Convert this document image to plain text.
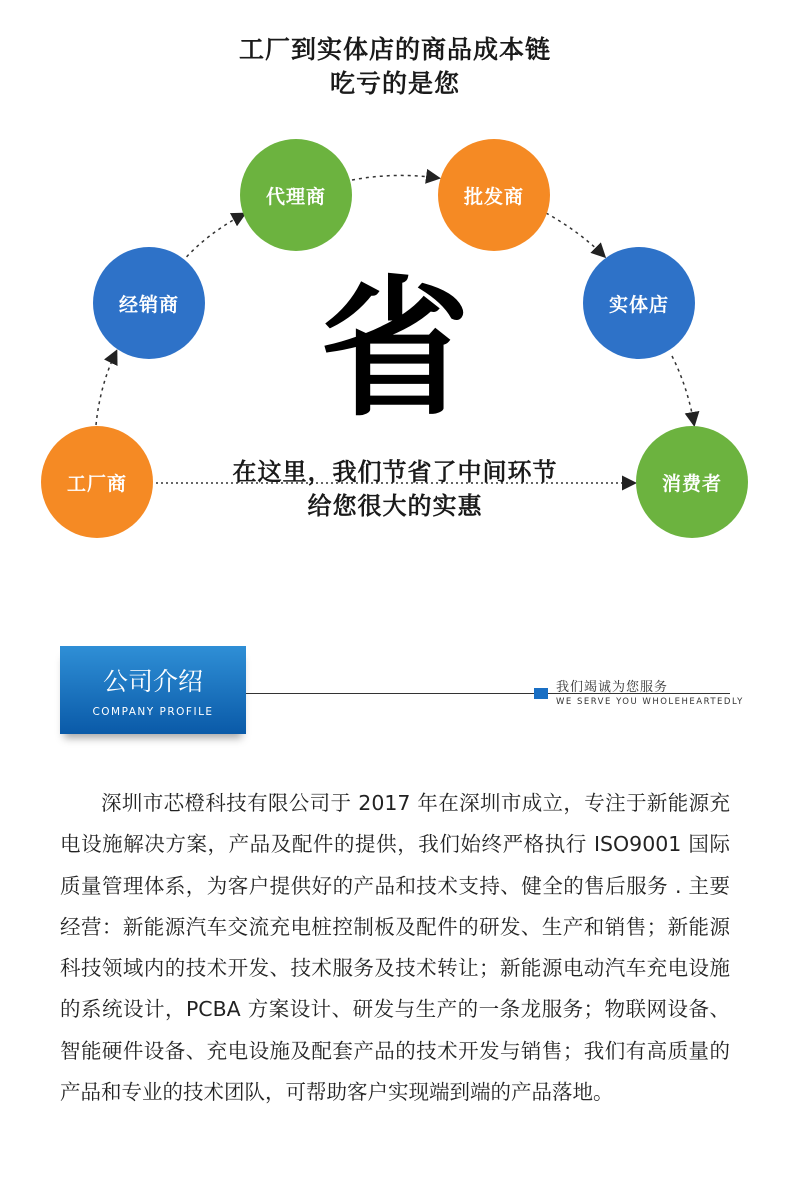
工厂到实体店的商品成本链
吃亏的是您
工厂商
经销商
代理商	批发商
实体店
消费者
省
在这里，我们节省了中间环节
给您很大的实惠
公司介绍
COMPANY PROFILE
我们竭诚为您服务
WE SERVE YOU WHOLEHEARTEDLY

深圳市芯橙科技有限公司于 2017 年在深圳市成立，专注于新能源充电设施解决方案，产品及配件的提供，我们始终严格执行 ISO9001 国际质量管理体系，为客户提供好的产品和技术支持、健全的售后服务 . 主要经营：新能源汽车交流充电桩控制板及配件的研发、生产和销售；新能源科技领域内的技术开发、技术服务及技术转让；新能源电动汽车充电设施的系统设计，PCBA 方案设计、研发与生产的一条龙服务；物联网设备、智能硬件设备、充电设施及配套产品的技术开发与销售；我们有高质量的产品和专业的技术团队，可帮助客户实现端到端的产品落地。
